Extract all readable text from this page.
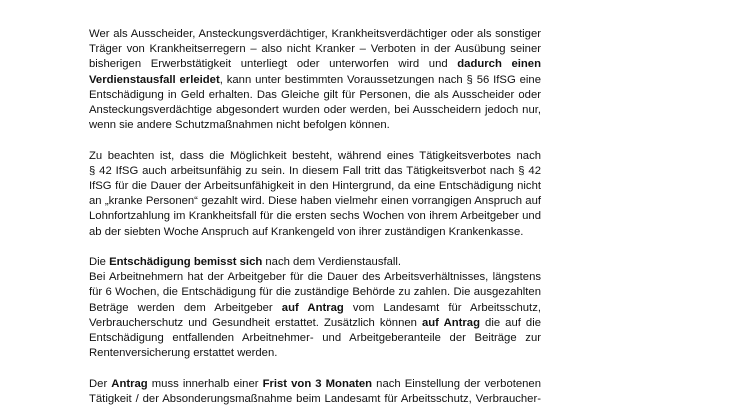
Wer als Ausscheider, Ansteckungsverdächtiger, Krankheitsverdächtiger oder als sonstiger
Träger von Krankheitserregern – also nicht Kranker – Verboten in der Ausübung seiner
bisherigen Erwerbstätigkeit unterliegt oder unterworfen wird und dadurch einen
Verdienstausfall erleidet, kann unter bestimmten Voraussetzungen nach § 56 IfSG eine
Entschädigung in Geld erhalten. Das Gleiche gilt für Personen, die als Ausscheider oder
Ansteckungsverdächtige abgesondert wurden oder werden, bei Ausscheidern jedoch nur,
wenn sie andere Schutzmaßnahmen nicht befolgen können.

Zu beachten ist, dass die Möglichkeit besteht, während eines Tätigkeitsverbotes nach
§ 42 IfSG auch arbeitsunfähig zu sein. In diesem Fall tritt das Tätigkeitsverbot nach § 42
IfSG für die Dauer der Arbeitsunfähigkeit in den Hintergrund, da eine Entschädigung nicht
an „kranke Personen“ gezahlt wird. Diese haben vielmehr einen vorrangigen Anspruch auf
Lohnfortzahlung im Krankheitsfall für die ersten sechs Wochen von ihrem Arbeitgeber und
ab der siebten Woche Anspruch auf Krankengeld von ihrer zuständigen Krankenkasse.

Die Entschädigung bemisst sich nach dem Verdienstausfall.
Bei Arbeitnehmern hat der Arbeitgeber für die Dauer des Arbeitsverhältnisses, längstens
für 6 Wochen, die Entschädigung für die zuständige Behörde zu zahlen. Die ausgezahlten
Beträge werden dem Arbeitgeber auf Antrag vom Landesamt für Arbeitsschutz,
Verbraucherschutz und Gesundheit erstattet. Zusätzlich können auf Antrag die auf die
Entschädigung entfallenden Arbeitnehmer- und Arbeitgeberanteile der Beiträge zur
Rentenversicherung erstattet werden.

Der Antrag muss innerhalb einer Frist von 3 Monaten nach Einstellung der verbotenen
Tätigkeit / der Absonderungsmaßnahme beim Landesamt für Arbeitsschutz, Verbraucher-
